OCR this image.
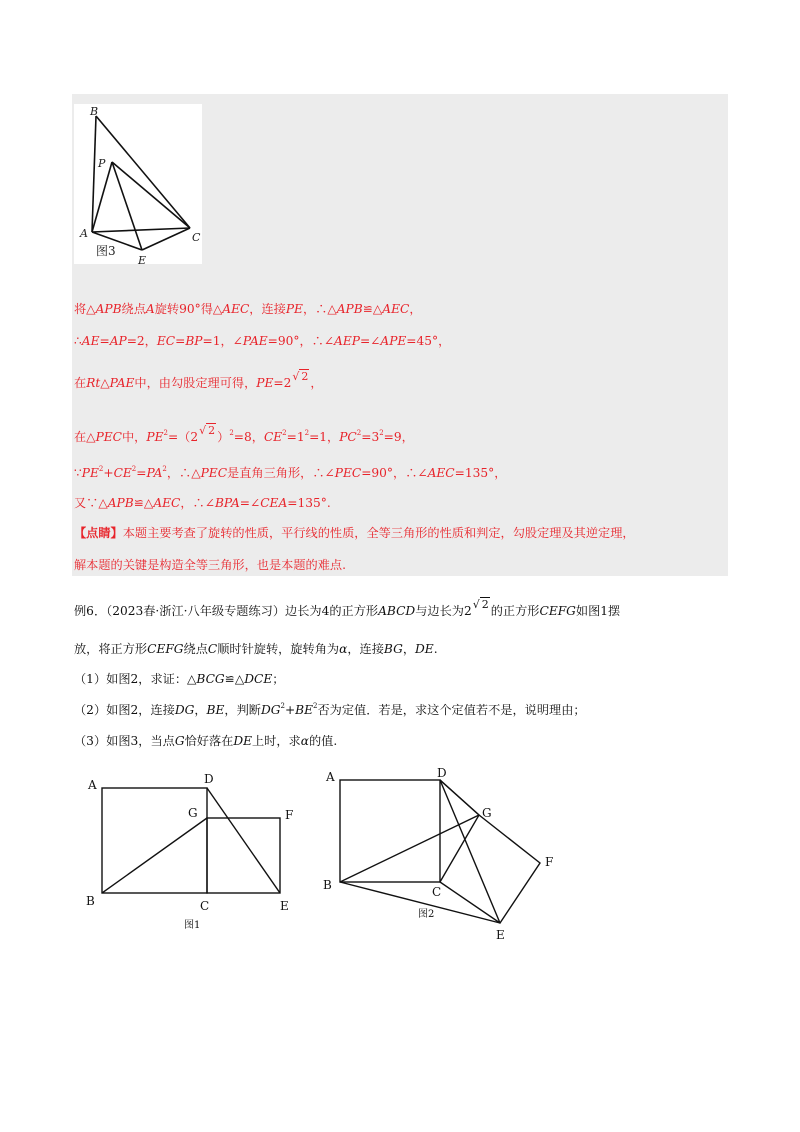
B
P
A	C
E
图3
将△APB绕点A旋转90°得△AEC，连接PE，∴△APB≌△AEC，
∴AE=AP=2，EC=BP=1，∠PAE=90°，∴∠AEP=∠APE=45°，
在Rt△PAE中，由勾股定理可得，PE=2√ 2 ，
在△PEC中，$PE^2=(2√$ 2 ）$^2$=8，$CE^2=1^2=1$，$PC^2=3^2=9$，
$\because PE^2+CE^2=PA^2$，∴△PEC是直角三角形，∴∠PEC=90°，∴∠AEC=135°，
又∵△APB≌△AEC，∴∠BPA=∠CEA=135°.
【点睛】本题主要考查了旋转的性质，平行线的性质，全等三角形的性质和判定，勾股定理及其逆定理，
解本题的关键是构造全等三角形，也是本题的难点.
例6．（2023春·浙江·八年级专题练习）边长为4的正方形ABCD与边长为2√ 2 的正方形CEFG如图1摆
放，将正方形CEFG绕点C顺时针旋转，旋转角为α，连接BG，DE.
（1）如图2，求证：△BCG≌△DCE；
（2）如图2，连接DG，BE，判断$DG^2+BE^2$否为定值．若是，求这个定值若不是，说明理由；
（3）如图3，当点G恰好落在DE上时，求α的值.
A	D
G	F
B	C	E
图1
A	D
G
F
B	C
E
图2
